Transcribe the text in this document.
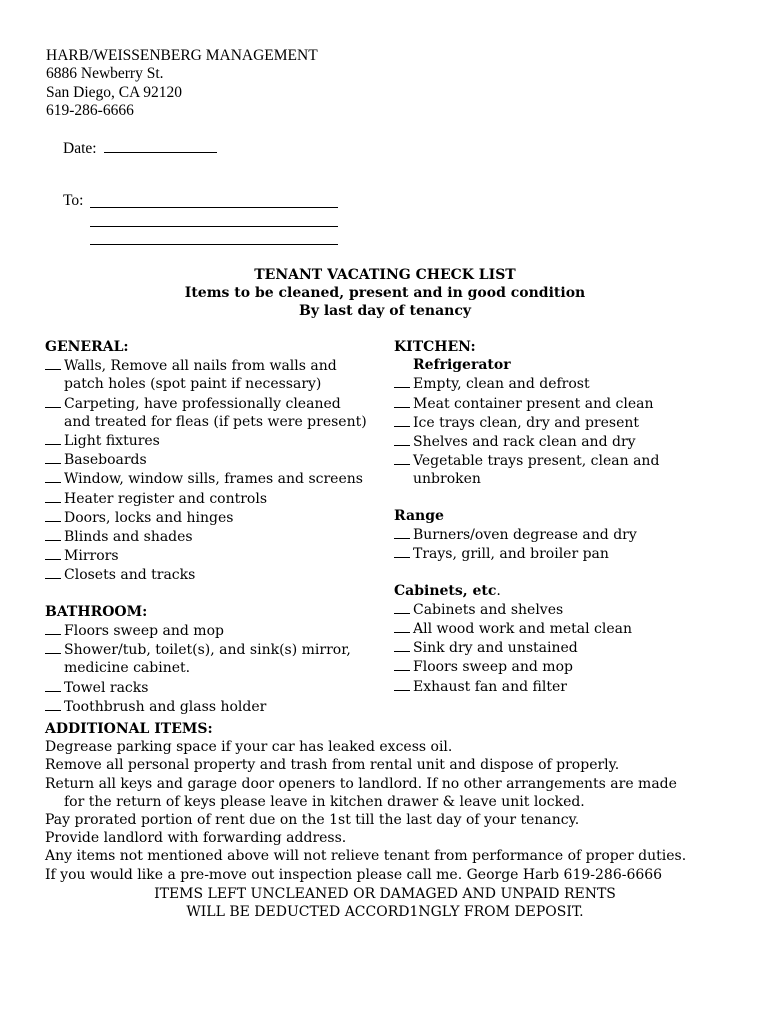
HARB/WEISSENBERG MANAGEMENT
6886 Newberry St.
San Diego, CA 92120
619-286-6666
Date:
To:
TENANT VACATING CHECK LIST
Items to be cleaned, present and in good condition
By last day of tenancy
GENERAL:
Walls, Remove all nails from walls and
patch holes (spot paint if necessary)
Carpeting, have professionally cleaned
and treated for fleas (if pets were present)
Light fixtures
Baseboards
Window, window sills, frames and screens
Heater register and controls
Doors, locks and hinges
Blinds and shades
Mirrors
Closets and tracks
BATHROOM:
Floors sweep and mop
Shower/tub, toilet(s), and sink(s) mirror,
medicine cabinet.
Towel racks
Toothbrush and glass holder
KITCHEN:
Refrigerator
Empty, clean and defrost
Meat container present and clean
Ice trays clean, dry and present
Shelves and rack clean and dry
Vegetable trays present, clean and
unbroken
Range
Burners/oven degrease and dry
Trays, grill, and broiler pan
Cabinets, etc.
Cabinets and shelves
All wood work and metal clean
Sink dry and unstained
Floors sweep and mop
Exhaust fan and filter
ADDITIONAL ITEMS:
Degrease parking space if your car has leaked excess oil.
Remove all personal property and trash from rental unit and dispose of properly.
Return all keys and garage door openers to landlord. If no other arrangements are made
for the return of keys please leave in kitchen drawer & leave unit locked.
Pay prorated portion of rent due on the 1st till the last day of your tenancy.
Provide landlord with forwarding address.
Any items not mentioned above will not relieve tenant from performance of proper duties.
If you would like a pre-move out inspection please call me. George Harb 619-286-6666
ITEMS LEFT UNCLEANED OR DAMAGED AND UNPAID RENTS
WILL BE DEDUCTED ACCORD1NGLY FROM DEPOSIT.
